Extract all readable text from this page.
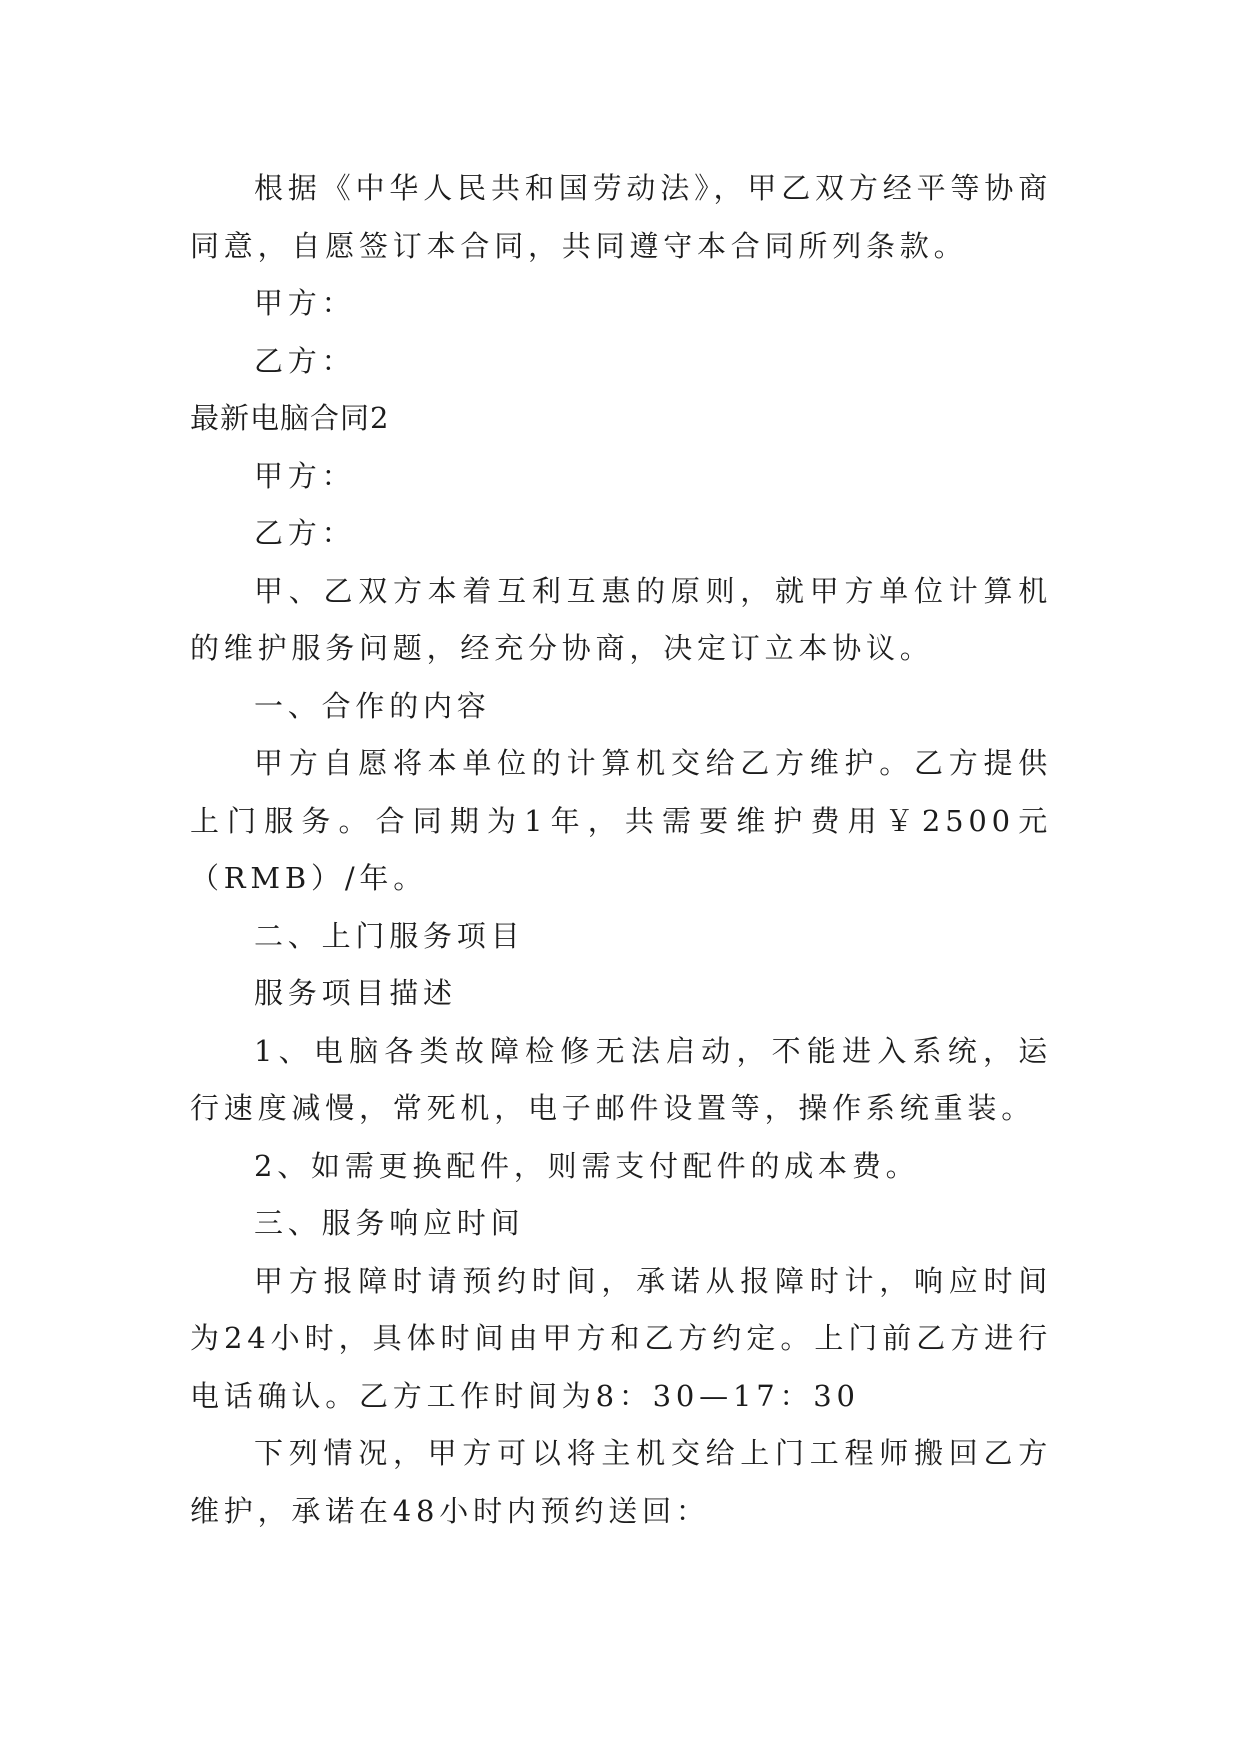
根据《中华人民共和国劳动法》，甲乙双方经平等协商同意，自愿签订本合同，共同遵守本合同所列条款。

甲方：

乙方：

最新电脑合同2

甲方：

乙方：

甲、乙双方本着互利互惠的原则，就甲方单位计算机的维护服务问题，经充分协商，决定订立本协议。

一、合作的内容

甲方自愿将本单位的计算机交给乙方维护。乙方提供上门服务。合同期为1年，共需要维护费用￥2500元（RMB）/年。

二、上门服务项目

服务项目描述

1、电脑各类故障检修无法启动，不能进入系统，运行速度减慢，常死机，电子邮件设置等，操作系统重装。

2、如需更换配件，则需支付配件的成本费。

三、服务响应时间

甲方报障时请预约时间，承诺从报障时计，响应时间为24小时，具体时间由甲方和乙方约定。上门前乙方进行电话确认。乙方工作时间为8：30—17：30

下列情况，甲方可以将主机交给上门工程师搬回乙方维护，承诺在48小时内预约送回：
